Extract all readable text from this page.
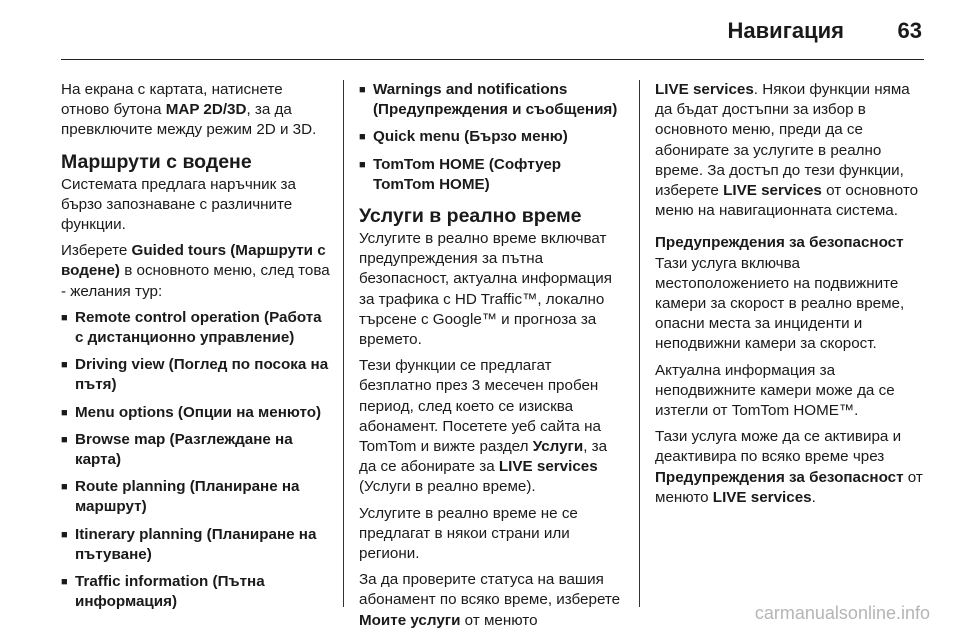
Навигация 63

На екрана с картата, натиснете отново бутона MAP 2D/3D, за да превключите между режим 2D и 3D.

Маршрути с водене

Системата предлага наръчник за бързо запознаване с различните функции.

Изберете Guided tours (Маршрути с водене) в основното меню, след това - желания тур:

■ Remote control operation (Работа с дистанционно управление)
■ Driving view (Поглед по посока на пътя)
■ Menu options (Опции на менюто)
■ Browse map (Разглеждане на карта)
■ Route planning (Планиране на маршрут)
■ Itinerary planning (Планиране на пътуване)
■ Traffic information (Пътна информация)
■ Warnings and notifications (Предупреждения и съобщения)
■ Quick menu (Бързо меню)
■ TomTom HOME (Софтуер TomTom HOME)
Услуги в реално време

Услугите в реално време включват предупреждения за пътна безопасност, актуална информация за трафика с HD Traffic™, локално търсене с Google™ и прогноза за времето.

Тези функции се предлагат безплатно през 3 месечен пробен период, след което се изисква абонамент. Посетете уеб сайта на TomTom и вижте раздел Услуги, за да се абонирате за LIVE services (Услуги в реално време).

Услугите в реално време не се предлагат в някои страни или региони.

За да проверите статуса на вашия абонамент по всяко време, изберете Моите услуги от менюто

LIVE services. Някои функции няма да бъдат достъпни за избор в основното меню, преди да се абонирате за услугите в реално време. За достъп до тези функции, изберете LIVE services от основното меню на навигационната система.

Предупреждения за безопасност

Тази услуга включва местоположението на подвижните камери за скорост в реално време, опасни места за инциденти и неподвижни камери за скорост.

Актуална информация за неподвижните камери може да се изтегли от TomTom HOME™.

Тази услуга може да се активира и деактивира по всяко време чрез Предупреждения за безопасност от менюто LIVE services.

carmanualsonline.info
